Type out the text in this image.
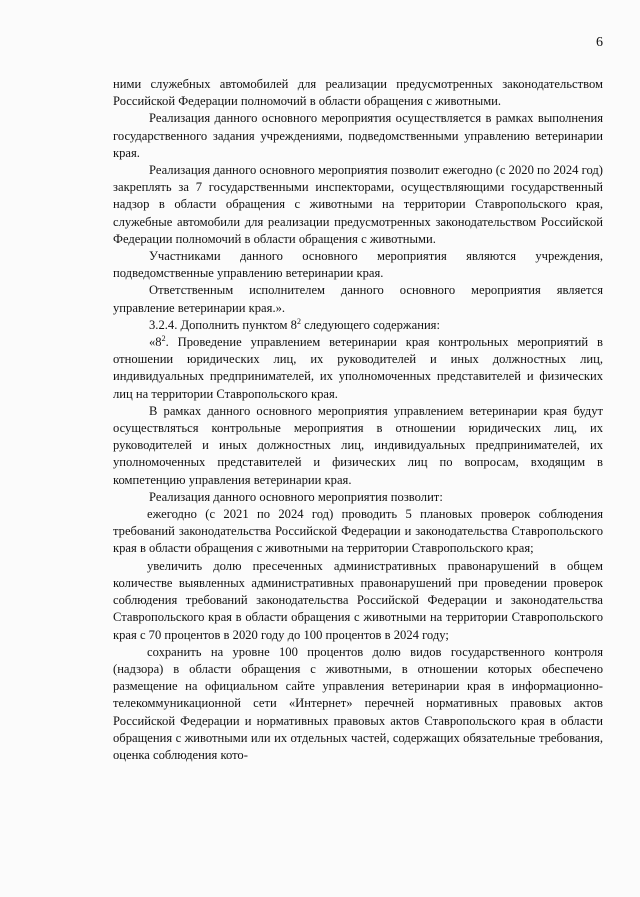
6

ними служебных автомобилей для реализации предусмотренных законодательством Российской Федерации полномочий в области обращения с животными.

Реализация данного основного мероприятия осуществляется в рамках выполнения государственного задания учреждениями, подведомственными управлению ветеринарии края.

Реализация данного основного мероприятия позволит ежегодно (с 2020 по 2024 год) закреплять за 7 государственными инспекторами, осуществляющими государственный надзор в области обращения с животными на территории Ставропольского края, служебные автомобили для реализации предусмотренных законодательством Российской Федерации полномочий в области обращения с животными.

Участниками данного основного мероприятия являются учреждения, подведомственные управлению ветеринарии края.

Ответственным исполнителем данного основного мероприятия является управление ветеринарии края.».

3.2.4. Дополнить пунктом $8^2$ следующего содержания:

«$8^2$. Проведение управлением ветеринарии края контрольных мероприятий в отношении юридических лиц, их руководителей и иных должностных лиц, индивидуальных предпринимателей, их уполномоченных представителей и физических лиц на территории Ставропольского края.

В рамках данного основного мероприятия управлением ветеринарии края будут осуществляться контрольные мероприятия в отношении юридических лиц, их руководителей и иных должностных лиц, индивидуальных предпринимателей, их уполномоченных представителей и физических лиц по вопросам, входящим в компетенцию управления ветеринарии края.

Реализация данного основного мероприятия позволит:

ежегодно (с 2021 по 2024 год) проводить 5 плановых проверок соблюдения требований законодательства Российской Федерации и законодательства Ставропольского края в области обращения с животными на территории Ставропольского края;

увеличить долю пресеченных административных правонарушений в общем количестве выявленных административных правонарушений при проведении проверок соблюдения требований законодательства Российской Федерации и законодательства Ставропольского края в области обращения с животными на территории Ставропольского края с 70 процентов в 2020 году до 100 процентов в 2024 году;

сохранить на уровне 100 процентов долю видов государственного контроля (надзора) в области обращения с животными, в отношении которых обеспечено размещение на официальном сайте управления ветеринарии края в информационно-телекоммуникационной сети «Интернет» перечней нормативных правовых актов Российской Федерации и нормативных правовых актов Ставропольского края в области обращения с животными или их отдельных частей, содержащих обязательные требования, оценка соблюдения кото-
